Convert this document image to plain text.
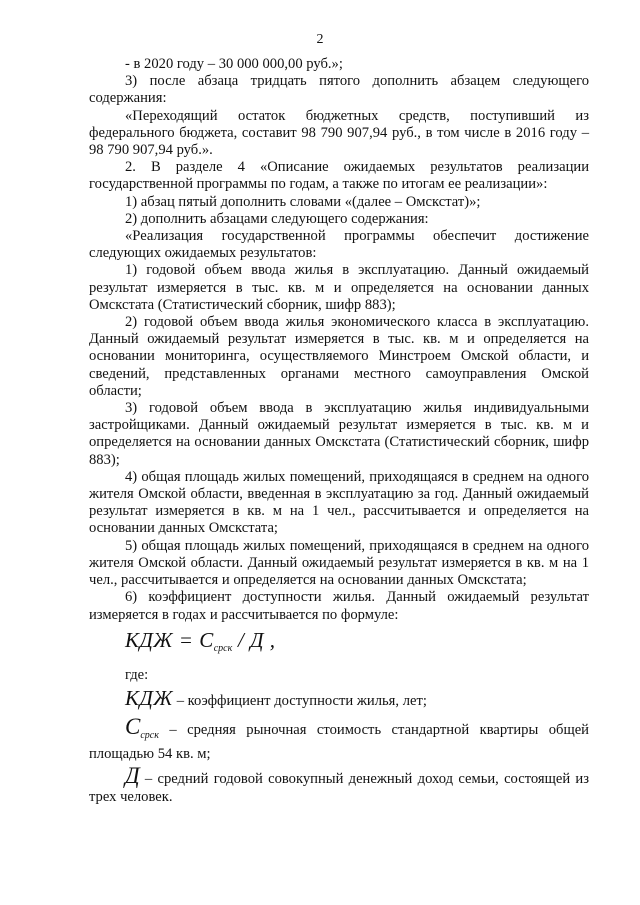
2

- в 2020 году – 30 000 000,00 руб.»;

3) после абзаца тридцать пятого дополнить абзацем следующего содержания:

«Переходящий остаток бюджетных средств, поступивший из федерального бюджета, составит 98 790 907,94 руб., в том числе в 2016 году – 98 790 907,94 руб.».

2. В разделе 4 «Описание ожидаемых результатов реализации государственной программы по годам, а также по итогам ее реализации»:

1) абзац пятый дополнить словами «(далее – Омскстат)»;

2) дополнить абзацами следующего содержания:

«Реализация государственной программы обеспечит достижение следующих ожидаемых результатов:

1) годовой объем ввода жилья в эксплуатацию. Данный ожидаемый результат измеряется в тыс. кв. м и определяется на основании данных Омскстата (Статистический сборник, шифр 883);

2) годовой объем ввода жилья экономического класса в эксплуатацию. Данный ожидаемый результат измеряется в тыс. кв. м и определяется на основании мониторинга, осуществляемого Минстроем Омской области, и сведений, представленных органами местного самоуправления Омской области;

3) годовой объем ввода в эксплуатацию жилья индивидуальными застройщиками. Данный ожидаемый результат измеряется в тыс. кв. м и определяется на основании данных Омскстата (Статистический сборник, шифр 883);

4) общая площадь жилых помещений, приходящаяся в среднем на одного жителя Омской области, введенная в эксплуатацию за год. Данный ожидаемый результат измеряется в кв. м на 1 чел., рассчитывается и определяется на основании данных Омскстата;

5) общая площадь жилых помещений, приходящаяся в среднем на одного жителя Омской области. Данный ожидаемый результат измеряется в кв. м на 1 чел., рассчитывается и определяется на основании данных Омскстата;

6) коэффициент доступности жилья. Данный ожидаемый результат измеряется в годах и рассчитывается по формуле:

КДЖ = $C_{срск}$ / Д ,

где:

КДЖ – коэффициент доступности жилья, лет;

$C_{срск}$ – средняя рыночная стоимость стандартной квартиры общей площадью 54 кв. м;

Д – средний годовой совокупный денежный доход семьи, состоящей из трех человек.
